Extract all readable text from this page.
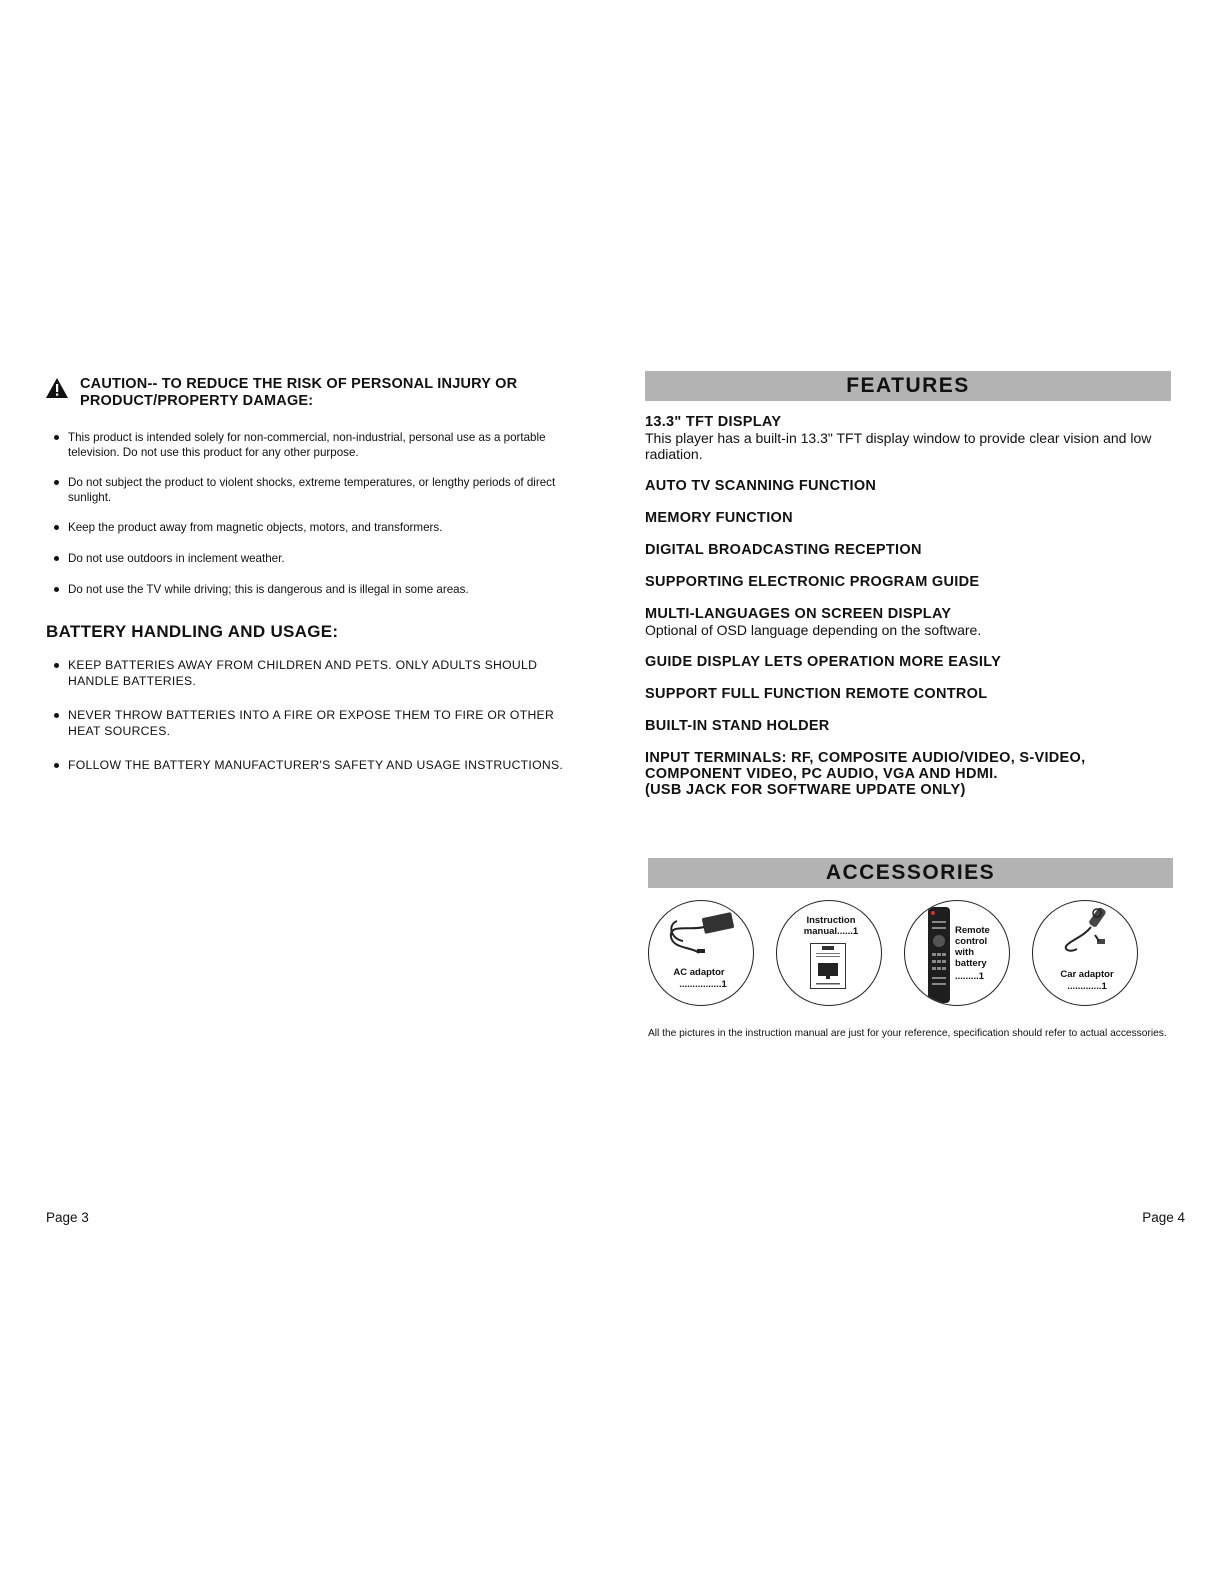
CAUTION-- TO REDUCE THE RISK OF PERSONAL INJURY OR PRODUCT/PROPERTY DAMAGE:
This product is intended solely for non-commercial, non-industrial, personal use as a portable television. Do not use this product for any other purpose.
Do not subject the product to violent shocks, extreme temperatures, or lengthy periods of direct sunlight.
Keep the product away from magnetic objects, motors, and transformers.
Do not use outdoors in inclement weather.
Do not use the TV while driving; this is dangerous and is illegal in some areas.
BATTERY HANDLING AND USAGE:
KEEP BATTERIES AWAY FROM CHILDREN AND PETS. ONLY ADULTS SHOULD HANDLE BATTERIES.
NEVER THROW BATTERIES INTO A FIRE OR EXPOSE THEM TO FIRE OR OTHER HEAT SOURCES.
FOLLOW THE BATTERY MANUFACTURER'S SAFETY AND USAGE INSTRUCTIONS.
Page 3
FEATURES
13.3" TFT DISPLAY
This player has a built-in 13.3" TFT display window to provide clear vision and low radiation.
AUTO TV SCANNING FUNCTION
MEMORY FUNCTION
DIGITAL BROADCASTING RECEPTION
SUPPORTING ELECTRONIC PROGRAM GUIDE
MULTI-LANGUAGES ON SCREEN DISPLAY
Optional of OSD language depending on the software.
GUIDE DISPLAY LETS OPERATION MORE EASILY
SUPPORT FULL FUNCTION REMOTE CONTROL
BUILT-IN STAND HOLDER
INPUT TERMINALS: RF, COMPOSITE AUDIO/VIDEO, S-VIDEO, COMPONENT VIDEO, PC AUDIO, VGA AND HDMI.
(USB JACK FOR SOFTWARE UPDATE ONLY)
ACCESSORIES
AC adaptor
................1
Instruction manual......1	Remote control with battery
.........1	Car adaptor
.............1
All the pictures in the instruction manual are just for your reference, specification should refer to actual accessories.
Page 4
